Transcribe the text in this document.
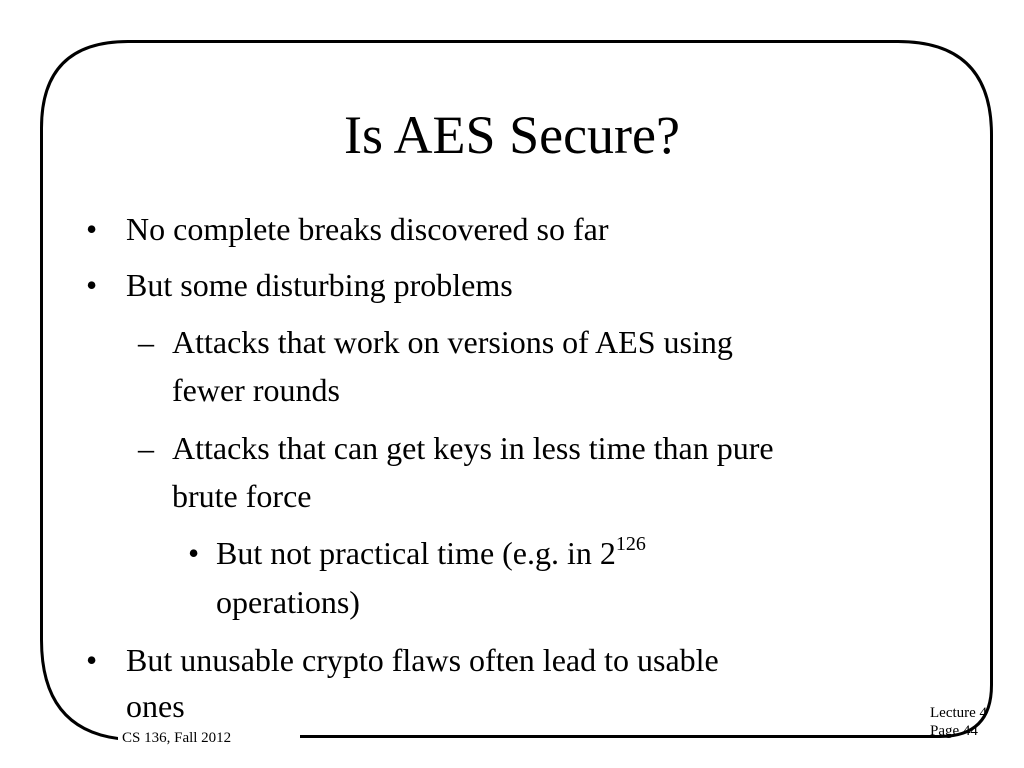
Is AES Secure?
• No complete breaks discovered so far
• But some disturbing problems
– Attacks that work on versions of AES using
fewer rounds
– Attacks that can get keys in less time than pure
brute force
• But not practical time (e.g. in $2^{126}$
operations)
• But unusable crypto flaws often lead to usable
ones
CS 136, Fall 2012
Lecture 4
Page 44
